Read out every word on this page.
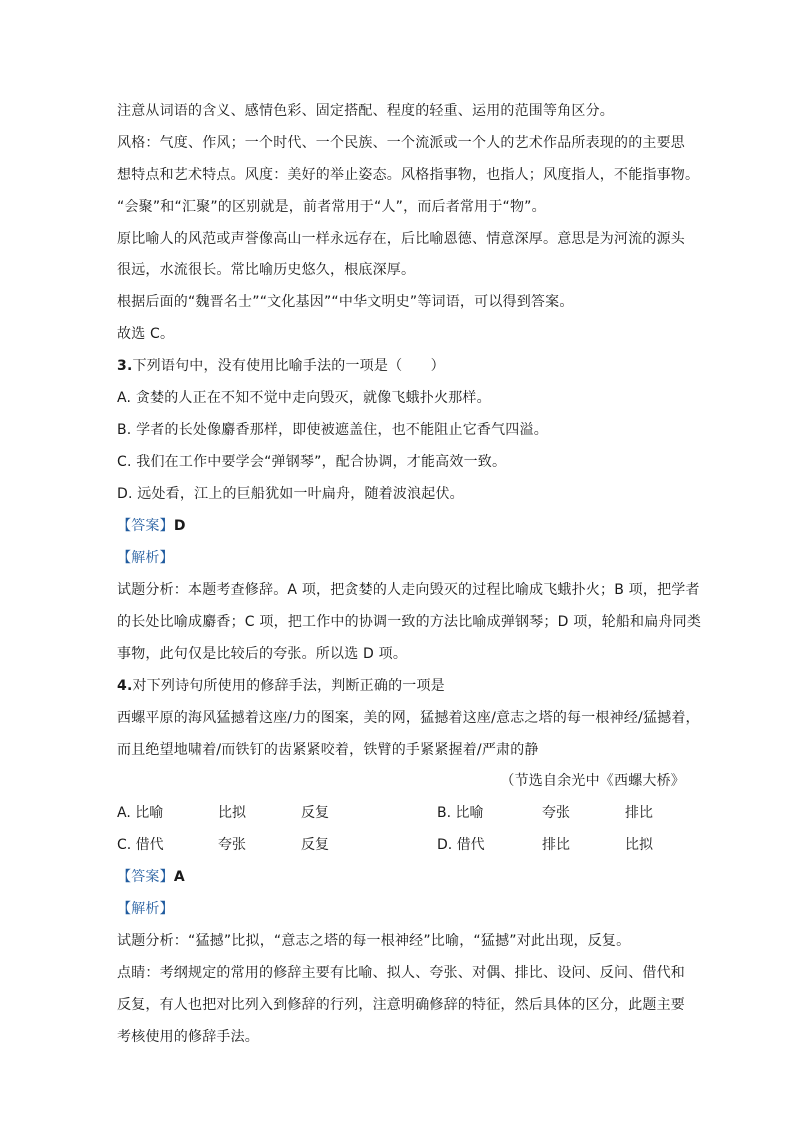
注意从词语的含义、感情色彩、固定搭配、程度的轻重、运用的范围等角区分。
风格：气度、作风；一个时代、一个民族、一个流派或一个人的艺术作品所表现的的主要思
想特点和艺术特点。风度：美好的举止姿态。风格指事物，也指人；风度指人，不能指事物。
“会聚”和“汇聚”的区别就是，前者常用于“人”，而后者常用于“物”。
原比喻人的风范或声誉像高山一样永远存在，后比喻恩德、情意深厚。意思是为河流的源头
很远，水流很长。常比喻历史悠久，根底深厚。
根据后面的“魏晋名士”“文化基因”“中华文明史”等词语，可以得到答案。
故选 C。
3.下列语句中，没有使用比喻手法的一项是（　　）
A. 贪婪的人正在不知不觉中走向毁灭，就像飞蛾扑火那样。
B. 学者的长处像麝香那样，即使被遮盖住，也不能阻止它香气四溢。
C. 我们在工作中要学会“弹钢琴”，配合协调，才能高效一致。
D. 远处看，江上的巨船犹如一叶扁舟，随着波浪起伏。
【答案】D
【解析】
试题分析：本题考查修辞。A 项，把贪婪的人走向毁灭的过程比喻成飞蛾扑火；B 项，把学者
的长处比喻成麝香；C 项，把工作中的协调一致的方法比喻成弹钢琴；D 项，轮船和扁舟同类
事物，此句仅是比较后的夸张。所以选 D 项。
4.对下列诗句所使用的修辞手法，判断正确的一项是
西螺平原的海风猛撼着这座/力的图案，美的网，猛撼着这座/意志之塔的每一根神经/猛撼着，
而且绝望地啸着/而铁钉的齿紧紧咬着，铁臂的手紧紧握着/严肃的静
（节选自余光中《西螺大桥》
A. 比喻	比拟	反复	B. 比喻	夸张	排比
C. 借代	夸张	反复	D. 借代	排比	比拟
【答案】A
【解析】
试题分析：“猛撼”比拟，“意志之塔的每一根神经”比喻，“猛撼”对此出现，反复。
点睛：考纲规定的常用的修辞主要有比喻、拟人、夸张、对偶、排比、设问、反问、借代和
反复，有人也把对比列入到修辞的行列，注意明确修辞的特征，然后具体的区分，此题主要
考核使用的修辞手法。
